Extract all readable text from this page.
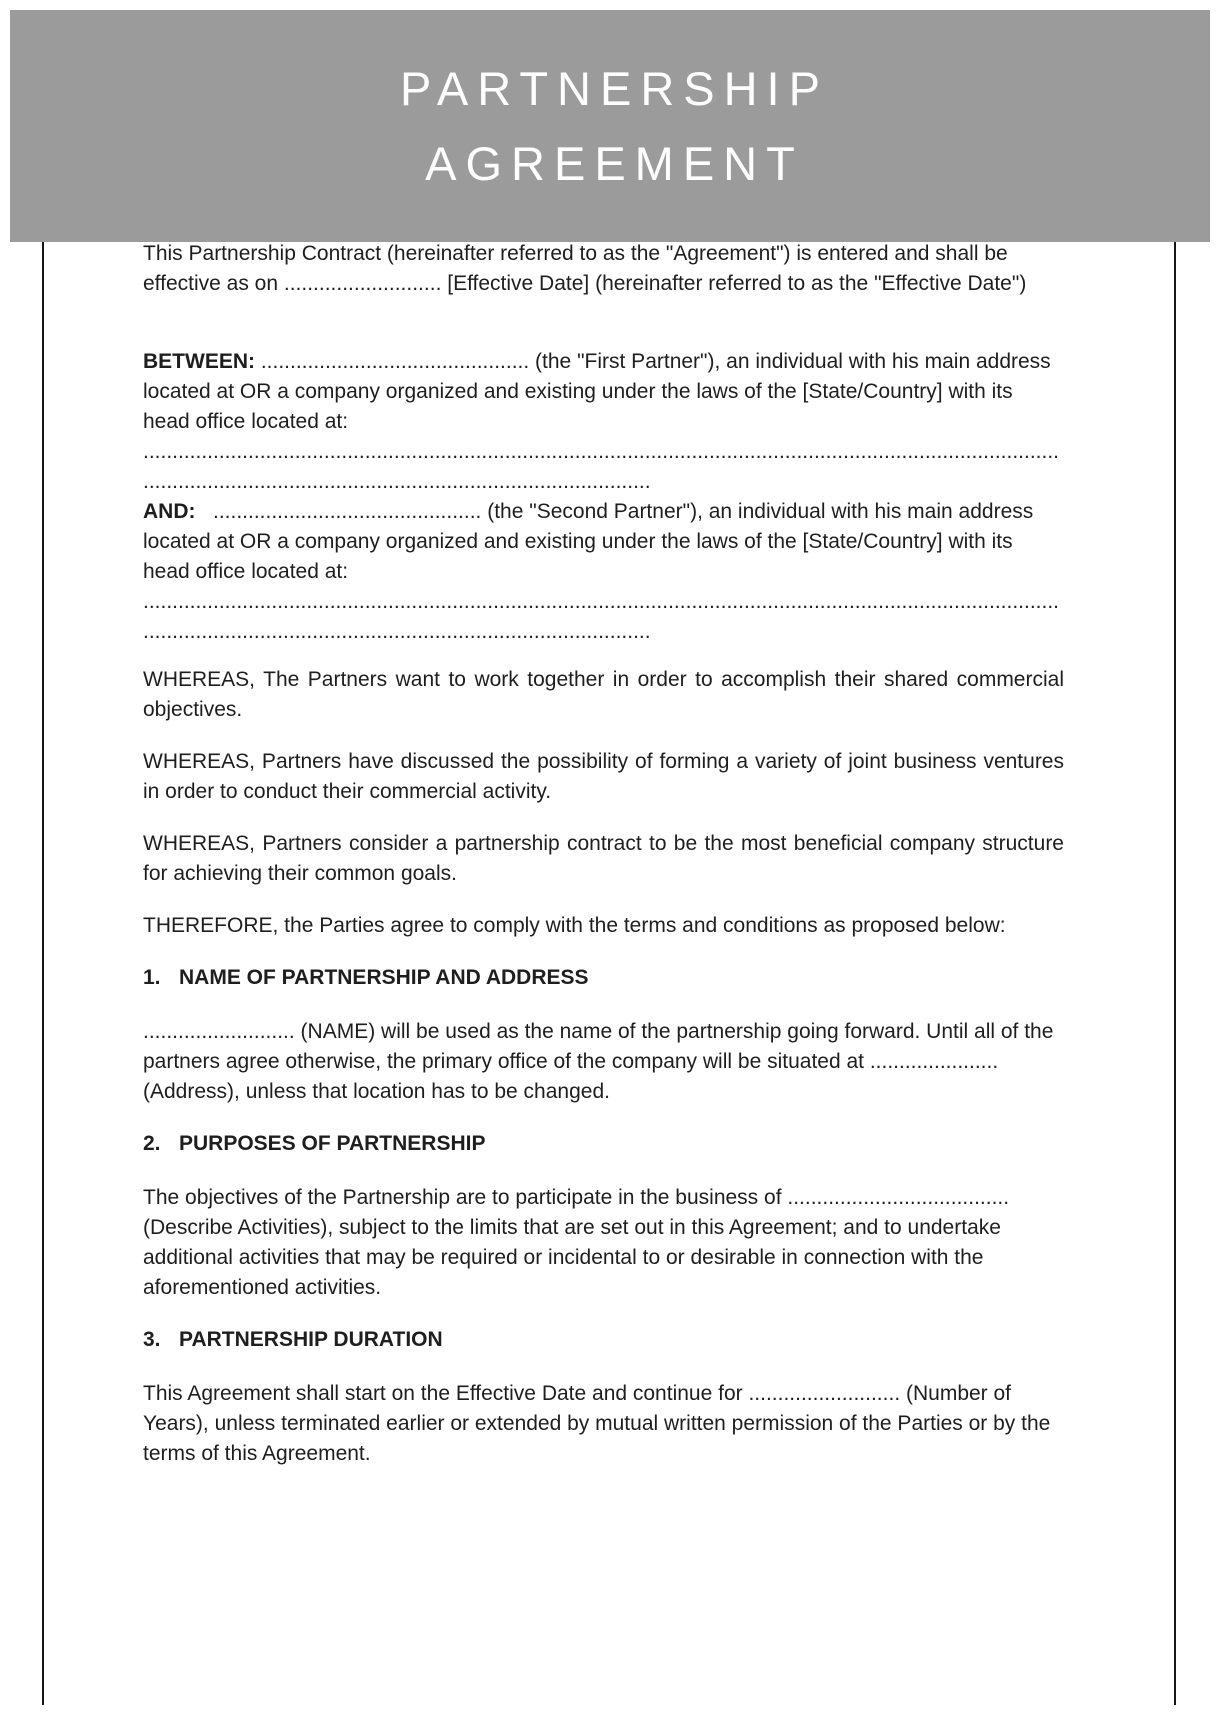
PARTNERSHIP
AGREEMENT

This Partnership Contract (hereinafter referred to as the "Agreement") is entered and shall be effective as on ........................... [Effective Date] (hereinafter referred to as the "Effective Date")

BETWEEN: .............................................. (the "First Partner"), an individual with his main address located at OR a company organized and existing under the laws of the [State/Country] with its head office located at: ....................................................................................................................................................................................................................................................

AND:   .............................................. (the "Second Partner"), an individual with his main address located at OR a company organized and existing under the laws of the [State/Country] with its head office located at: ....................................................................................................................................................................................................................................................

WHEREAS, The Partners want to work together in order to accomplish their shared commercial objectives.

WHEREAS, Partners have discussed the possibility of forming a variety of joint business ventures in order to conduct their commercial activity.

WHEREAS, Partners consider a partnership contract to be the most beneficial company structure for achieving their common goals.

THEREFORE, the Parties agree to comply with the terms and conditions as proposed below:

1. NAME OF PARTNERSHIP AND ADDRESS

.......................... (NAME) will be used as the name of the partnership going forward. Until all of the partners agree otherwise, the primary office of the company will be situated at ......................(Address), unless that location has to be changed.

2. PURPOSES OF PARTNERSHIP

The objectives of the Partnership are to participate in the business of ...................................... (Describe Activities), subject to the limits that are set out in this Agreement; and to undertake additional activities that may be required or incidental to or desirable in connection with the aforementioned activities.

3. PARTNERSHIP DURATION

This Agreement shall start on the Effective Date and continue for .......................... (Number of Years), unless terminated earlier or extended by mutual written permission of the Parties or by the terms of this Agreement.
